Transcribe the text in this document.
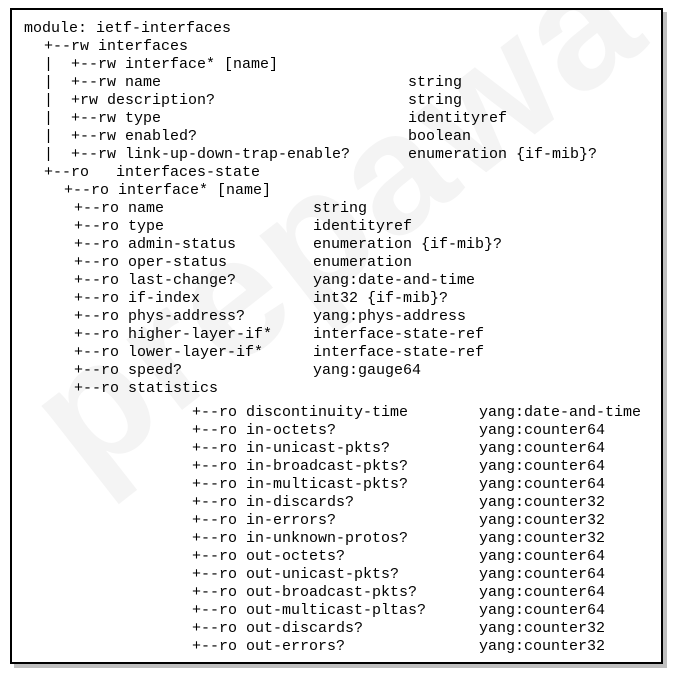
module: ietf-interfaces
+--rw interfaces
|  +--rw interface* [name]
|  +--rw name	string
|  +rw description?	string
|  +--rw type	identityref
|  +--rw enabled?	boolean
|  +--rw link-up-down-trap-enable?	enumeration {if-mib}?
+--ro   interfaces-state
+--ro interface* [name]
+--ro name	string
+--ro type	identityref
+--ro admin-status	enumeration {if-mib}?
+--ro oper-status	enumeration
+--ro last-change?	yang:date-and-time
+--ro if-index	int32 {if-mib}?
+--ro phys-address?	yang:phys-address
+--ro higher-layer-if*	interface-state-ref
+--ro lower-layer-if*	interface-state-ref
+--ro speed?	yang:gauge64
+--ro statistics
+--ro discontinuity-time	yang:date-and-time
+--ro in-octets?	yang:counter64
+--ro in-unicast-pkts?	yang:counter64
+--ro in-broadcast-pkts?	yang:counter64
+--ro in-multicast-pkts?	yang:counter64
+--ro in-discards?	yang:counter32
+--ro in-errors?	yang:counter32
+--ro in-unknown-protos?	yang:counter32
+--ro out-octets?	yang:counter64
+--ro out-unicast-pkts?	yang:counter64
+--ro out-broadcast-pkts?	yang:counter64
+--ro out-multicast-pltas?	yang:counter64
+--ro out-discards?	yang:counter32
+--ro out-errors?	yang:counter32
